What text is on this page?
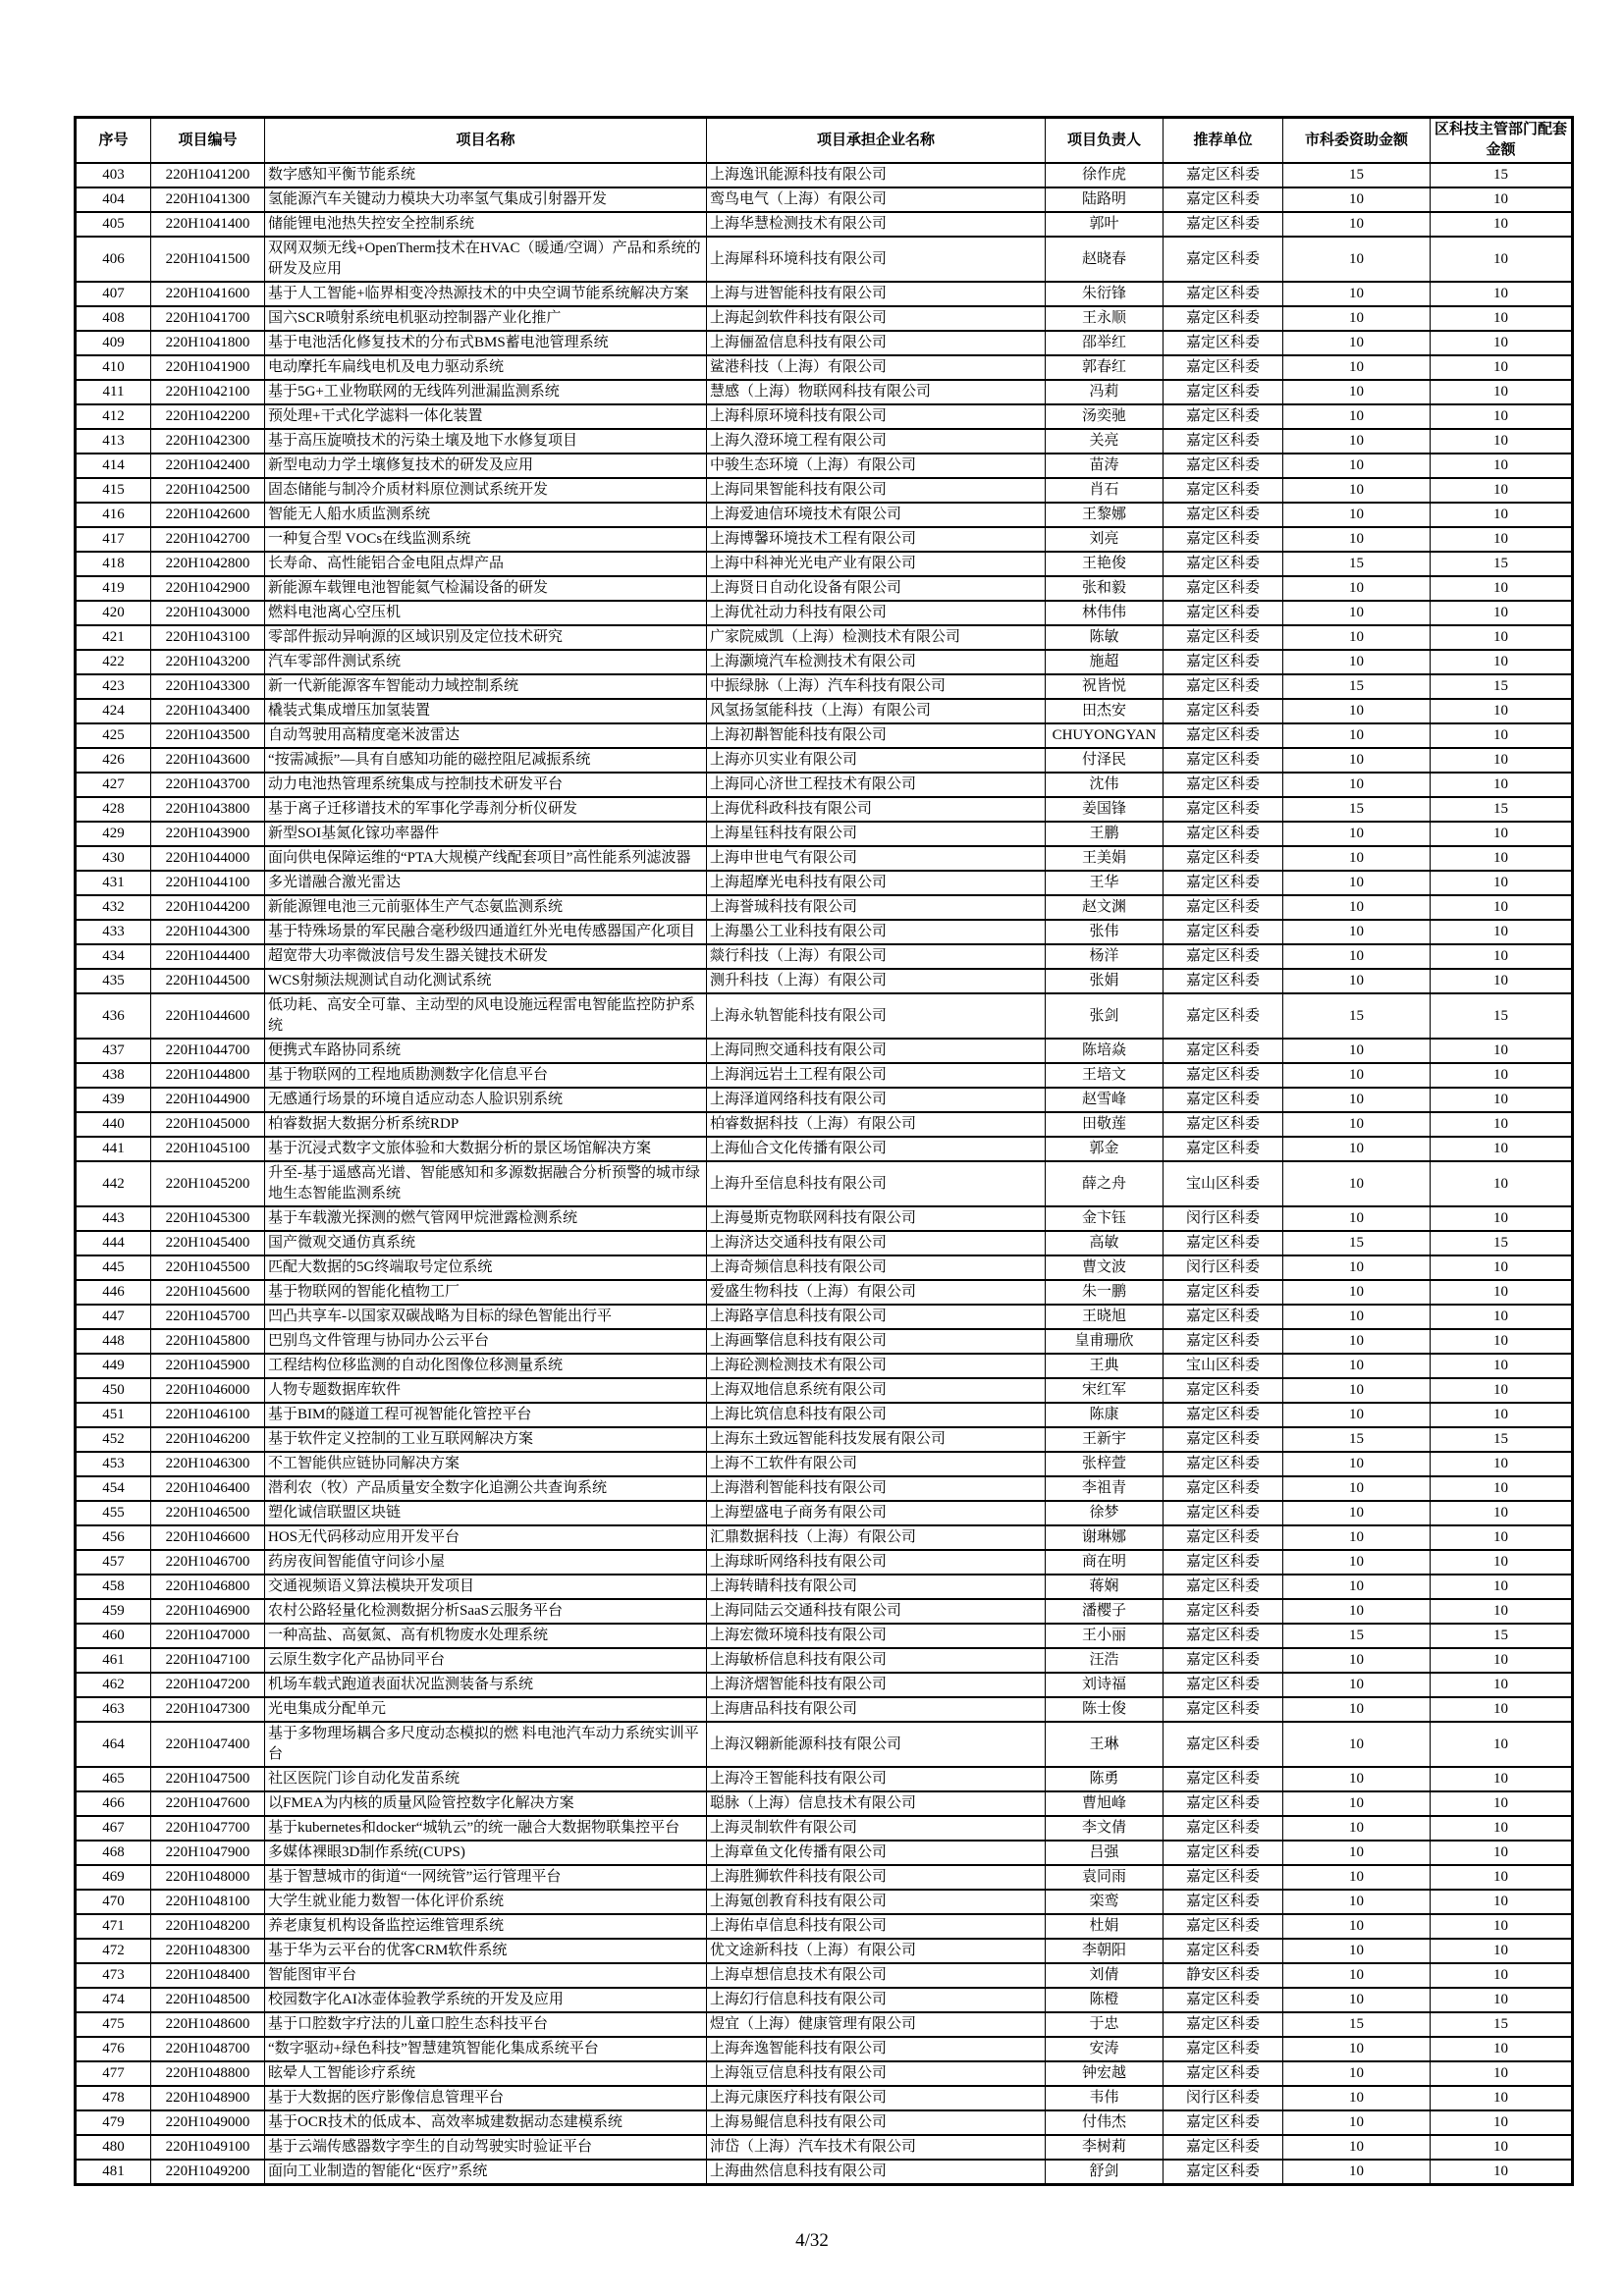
序号	项目编号	项目名称	项目承担企业名称	项目负责人	推荐单位	市科委资助金额	区科技主管部门配套金额
403	220H1041200	数字感知平衡节能系统	上海逸讯能源科技有限公司	徐作虎	嘉定区科委	15	15
404	220H1041300	氢能源汽车关键动力模块大功率氢气集成引射器开发	鸾鸟电气（上海）有限公司	陆路明	嘉定区科委	10	10
405	220H1041400	储能锂电池热失控安全控制系统	上海华慧检测技术有限公司	郭叶	嘉定区科委	10	10
406	220H1041500	双网双频无线+OpenTherm技术在HVAC（暖通/空调）产品和系统的研发及应用	上海犀科环境科技有限公司	赵晓春	嘉定区科委	10	10
407	220H1041600	基于人工智能+临界相变冷热源技术的中央空调节能系统解决方案	上海与进智能科技有限公司	朱衍锋	嘉定区科委	10	10
408	220H1041700	国六SCR喷射系统电机驱动控制器产业化推广	上海起剑软件科技有限公司	王永顺	嘉定区科委	10	10
409	220H1041800	基于电池活化修复技术的分布式BMS蓄电池管理系统	上海俪盈信息科技有限公司	邵举红	嘉定区科委	10	10
410	220H1041900	电动摩托车扁线电机及电力驱动系统	鲨港科技（上海）有限公司	郭春红	嘉定区科委	10	10
411	220H1042100	基于5G+工业物联网的无线阵列泄漏监测系统	慧感（上海）物联网科技有限公司	冯莉	嘉定区科委	10	10
412	220H1042200	预处理+干式化学滤料一体化装置	上海科原环境科技有限公司	汤奕驰	嘉定区科委	10	10
413	220H1042300	基于高压旋喷技术的污染土壤及地下水修复项目	上海久澄环境工程有限公司	关亮	嘉定区科委	10	10
414	220H1042400	新型电动力学土壤修复技术的研发及应用	中骏生态环境（上海）有限公司	苗涛	嘉定区科委	10	10
415	220H1042500	固态储能与制冷介质材料原位测试系统开发	上海同果智能科技有限公司	肖石	嘉定区科委	10	10
416	220H1042600	智能无人船水质监测系统	上海爱迪信环境技术有限公司	王黎娜	嘉定区科委	10	10
417	220H1042700	一种复合型 VOCs在线监测系统	上海博馨环境技术工程有限公司	刘亮	嘉定区科委	10	10
418	220H1042800	长寿命、高性能铝合金电阻点焊产品	上海中科神光光电产业有限公司	王艳俊	嘉定区科委	15	15
419	220H1042900	新能源车载锂电池智能氦气检漏设备的研发	上海贤日自动化设备有限公司	张和毅	嘉定区科委	10	10
420	220H1043000	燃料电池离心空压机	上海优社动力科技有限公司	林伟伟	嘉定区科委	10	10
421	220H1043100	零部件振动异响源的区域识别及定位技术研究	广家院威凯（上海）检测技术有限公司	陈敏	嘉定区科委	10	10
422	220H1043200	汽车零部件测试系统	上海灏境汽车检测技术有限公司	施超	嘉定区科委	10	10
423	220H1043300	新一代新能源客车智能动力域控制系统	中振绿脉（上海）汽车科技有限公司	祝皆悦	嘉定区科委	15	15
424	220H1043400	橇装式集成增压加氢装置	风氢扬氢能科技（上海）有限公司	田杰安	嘉定区科委	10	10
425	220H1043500	自动驾驶用高精度毫米波雷达	上海初斠智能科技有限公司	CHUYONGYAN	嘉定区科委	10	10
426	220H1043600	“按需减振”—具有自感知功能的磁控阻尼减振系统	上海亦贝实业有限公司	付泽民	嘉定区科委	10	10
427	220H1043700	动力电池热管理系统集成与控制技术研发平台	上海同心济世工程技术有限公司	沈伟	嘉定区科委	10	10
428	220H1043800	基于离子迁移谱技术的军事化学毒剂分析仪研发	上海优科政科技有限公司	姜国锋	嘉定区科委	15	15
429	220H1043900	新型SOI基氮化镓功率器件	上海星钰科技有限公司	王鹏	嘉定区科委	10	10
430	220H1044000	面向供电保障运维的“PTA大规模产线配套项目”高性能系列滤波器	上海申世电气有限公司	王美娟	嘉定区科委	10	10
431	220H1044100	多光谱融合激光雷达	上海超摩光电科技有限公司	王华	嘉定区科委	10	10
432	220H1044200	新能源锂电池三元前驱体生产气态氨监测系统	上海誉珹科技有限公司	赵文渊	嘉定区科委	10	10
433	220H1044300	基于特殊场景的军民融合毫秒级四通道红外光电传感器国产化项目	上海墨公工业科技有限公司	张伟	嘉定区科委	10	10
434	220H1044400	超宽带大功率微波信号发生器关键技术研发	燚行科技（上海）有限公司	杨洋	嘉定区科委	10	10
435	220H1044500	WCS射频法规测试自动化测试系统	测升科技（上海）有限公司	张娟	嘉定区科委	10	10
436	220H1044600	低功耗、高安全可靠、主动型的风电设施远程雷电智能监控防护系统	上海永轨智能科技有限公司	张剑	嘉定区科委	15	15
437	220H1044700	便携式车路协同系统	上海同煦交通科技有限公司	陈培焱	嘉定区科委	10	10
438	220H1044800	基于物联网的工程地质勘测数字化信息平台	上海润远岩土工程有限公司	王培文	嘉定区科委	10	10
439	220H1044900	无感通行场景的环境自适应动态人脸识别系统	上海泽道网络科技有限公司	赵雪峰	嘉定区科委	10	10
440	220H1045000	柏睿数据大数据分析系统RDP	柏睿数据科技（上海）有限公司	田敬莲	嘉定区科委	10	10
441	220H1045100	基于沉浸式数字文旅体验和大数据分析的景区场馆解决方案	上海仙合文化传播有限公司	郭金	嘉定区科委	10	10
442	220H1045200	升至-基于遥感高光谱、智能感知和多源数据融合分析预警的城市绿地生态智能监测系统	上海升至信息科技有限公司	薛之舟	宝山区科委	10	10
443	220H1045300	基于车载激光探测的燃气管网甲烷泄露检测系统	上海曼斯克物联网科技有限公司	金卞钰	闵行区科委	10	10
444	220H1045400	国产微观交通仿真系统	上海济达交通科技有限公司	高敏	嘉定区科委	15	15
445	220H1045500	匹配大数据的5G终端取号定位系统	上海奇频信息科技有限公司	曹文波	闵行区科委	10	10
446	220H1045600	基于物联网的智能化植物工厂	爱盛生物科技（上海）有限公司	朱一鹏	嘉定区科委	10	10
447	220H1045700	凹凸共享车-以国家双碳战略为目标的绿色智能出行平	上海路享信息科技有限公司	王晓旭	嘉定区科委	10	10
448	220H1045800	巴别鸟文件管理与协同办公云平台	上海画擎信息科技有限公司	皇甫珊欣	嘉定区科委	10	10
449	220H1045900	工程结构位移监测的自动化图像位移测量系统	上海砼测检测技术有限公司	王典	宝山区科委	10	10
450	220H1046000	人物专题数据库软件	上海双地信息系统有限公司	宋红军	嘉定区科委	10	10
451	220H1046100	基于BIM的隧道工程可视智能化管控平台	上海比筑信息科技有限公司	陈康	嘉定区科委	10	10
452	220H1046200	基于软件定义控制的工业互联网解决方案	上海东土致远智能科技发展有限公司	王新宇	嘉定区科委	15	15
453	220H1046300	不工智能供应链协同解决方案	上海不工软件有限公司	张梓萱	嘉定区科委	10	10
454	220H1046400	潜利农（牧）产品质量安全数字化追溯公共查询系统	上海潜利智能科技有限公司	李祖青	嘉定区科委	10	10
455	220H1046500	塑化诚信联盟区块链	上海塑盛电子商务有限公司	徐梦	嘉定区科委	10	10
456	220H1046600	HOS无代码移动应用开发平台	汇鼎数据科技（上海）有限公司	谢琳娜	嘉定区科委	10	10
457	220H1046700	药房夜间智能值守问诊小屋	上海球昕网络科技有限公司	商在明	嘉定区科委	10	10
458	220H1046800	交通视频语义算法模块开发项目	上海转睛科技有限公司	蒋娴	嘉定区科委	10	10
459	220H1046900	农村公路轻量化检测数据分析SaaS云服务平台	上海同陆云交通科技有限公司	潘樱子	嘉定区科委	10	10
460	220H1047000	一种高盐、高氨氮、高有机物废水处理系统	上海宏微环境科技有限公司	王小丽	嘉定区科委	15	15
461	220H1047100	云原生数字化产品协同平台	上海敏桥信息科技有限公司	汪浩	嘉定区科委	10	10
462	220H1047200	机场车载式跑道表面状况监测装备与系统	上海济熠智能科技有限公司	刘诗福	嘉定区科委	10	10
463	220H1047300	光电集成分配单元	上海唐品科技有限公司	陈士俊	嘉定区科委	10	10
464	220H1047400	基于多物理场耦合多尺度动态模拟的燃 料电池汽车动力系统实训平台	上海汉翱新能源科技有限公司	王琳	嘉定区科委	10	10
465	220H1047500	社区医院门诊自动化发苗系统	上海冷王智能科技有限公司	陈勇	嘉定区科委	10	10
466	220H1047600	以FMEA为内核的质量风险管控数字化解决方案	聪脉（上海）信息技术有限公司	曹旭峰	嘉定区科委	10	10
467	220H1047700	基于kubernetes和docker“城轨云”的统一融合大数据物联集控平台	上海灵制软件有限公司	李文倩	嘉定区科委	10	10
468	220H1047900	多媒体裸眼3D制作系统(CUPS)	上海章鱼文化传播有限公司	吕强	嘉定区科委	10	10
469	220H1048000	基于智慧城市的街道“一网统管”运行管理平台	上海胜狮软件科技有限公司	袁同雨	嘉定区科委	10	10
470	220H1048100	大学生就业能力数智一体化评价系统	上海氪创教育科技有限公司	栾鸾	嘉定区科委	10	10
471	220H1048200	养老康复机构设备监控运维管理系统	上海佑卓信息科技有限公司	杜娟	嘉定区科委	10	10
472	220H1048300	基于华为云平台的优客CRM软件系统	优文途新科技（上海）有限公司	李朝阳	嘉定区科委	10	10
473	220H1048400	智能图审平台	上海卓想信息技术有限公司	刘倩	静安区科委	10	10
474	220H1048500	校园数字化AI冰壶体验教学系统的开发及应用	上海幻行信息科技有限公司	陈橙	嘉定区科委	10	10
475	220H1048600	基于口腔数字疗法的儿童口腔生态科技平台	煜宜（上海）健康管理有限公司	于忠	嘉定区科委	15	15
476	220H1048700	“数字驱动+绿色科技”智慧建筑智能化集成系统平台	上海奔逸智能科技有限公司	安涛	嘉定区科委	10	10
477	220H1048800	眩晕人工智能诊疗系统	上海瓴豆信息科技有限公司	钟宏越	嘉定区科委	10	10
478	220H1048900	基于大数据的医疗影像信息管理平台	上海元康医疗科技有限公司	韦伟	闵行区科委	10	10
479	220H1049000	基于OCR技术的低成本、高效率城建数据动态建模系统	上海易鲲信息科技有限公司	付伟杰	嘉定区科委	10	10
480	220H1049100	基于云端传感器数字孪生的自动驾驶实时验证平台	沛岱（上海）汽车技术有限公司	李树莉	嘉定区科委	10	10
481	220H1049200	面向工业制造的智能化“医疗”系统	上海曲然信息科技有限公司	舒剑	嘉定区科委	10	10
4/32
